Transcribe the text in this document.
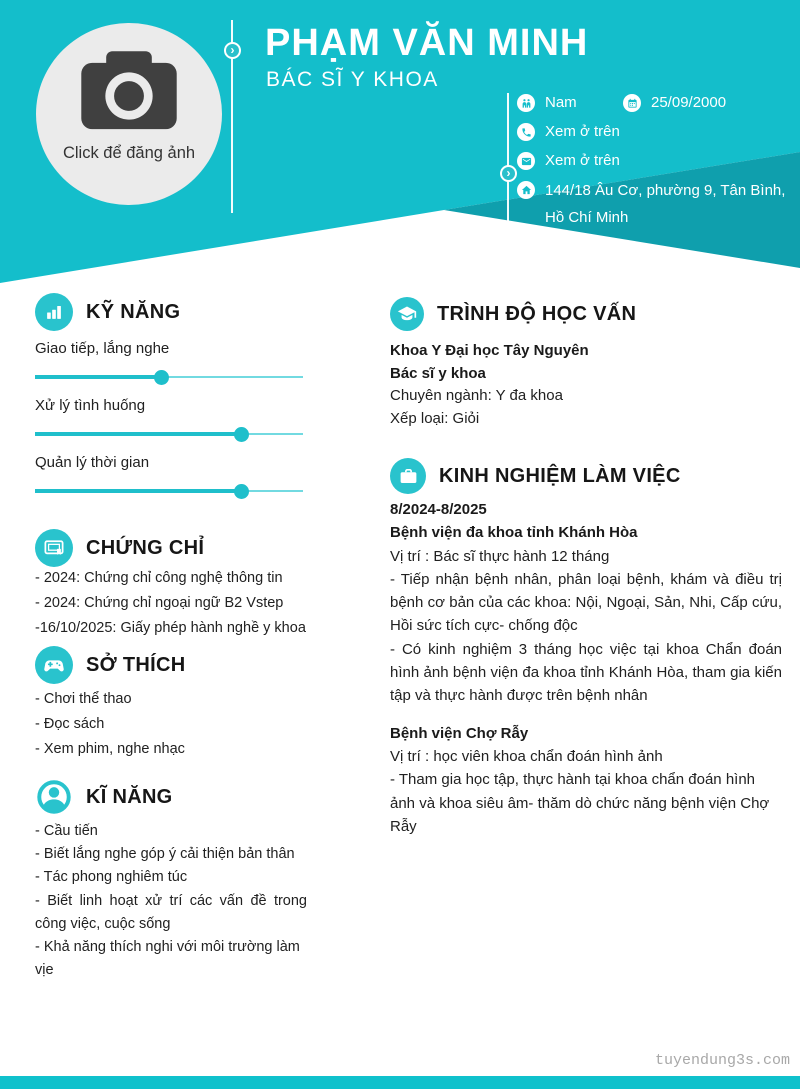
Click để đăng ảnh
›
PHẠM VĂN MINH
BÁC SĨ Y KHOA
›
Nam	25/09/2000
Xem ở trên
Xem ở trên
144/18 Âu Cơ, phường 9, Tân Bình, Hồ Chí Minh
KỸ NĂNG
Giao tiếp, lắng nghe
Xử lý tình huống
Quản lý thời gian
CHỨNG CHỈ
- 2024: Chứng chỉ công nghệ thông tin
- 2024: Chứng chỉ ngoại ngữ B2 Vstep
-16/10/2025: Giấy phép hành nghề y khoa
SỞ THÍCH
- Chơi thể thao
- Đọc sách
- Xem phim, nghe nhạc
KĨ NĂNG

- Cầu tiến

- Biết lắng nghe góp ý cải thiện bản thân

- Tác phong nghiêm túc

- Biết linh hoạt xử trí các vấn đề trong công việc, cuộc sống

- Khả năng thích nghi với môi trường làm vịe

TRÌNH ĐỘ HỌC VẤN
Khoa Y Đại học Tây Nguyên
Bác sĩ y khoa
Chuyên ngành: Y đa khoa
Xếp loại: Giỏi
KINH NGHIỆM LÀM VIỆC
8/2024-8/2025
Bệnh viện đa khoa tỉnh Khánh Hòa
Vị trí : Bác sĩ thực hành 12 tháng

- Tiếp nhận bệnh nhân, phân loại bệnh, khám và điều trị bệnh cơ bản của các khoa: Nội, Ngoại, Sản, Nhi, Cấp cứu, Hồi sức tích cực- chống độc

- Có kinh nghiệm 3 tháng học việc tại khoa Chẩn đoán hình ảnh bệnh viện đa khoa tỉnh Khánh Hòa, tham gia kiến tập và thực hành được trên bệnh nhân

Bệnh viện Chợ Rẫy
Vị trí : học viên khoa chẩn đoán hình ảnh

- Tham gia học tập, thực hành tại khoa chẩn đoán hình ảnh và khoa siêu âm- thăm dò chức năng bệnh viện Chợ Rẫy

tuyendung3s.com
